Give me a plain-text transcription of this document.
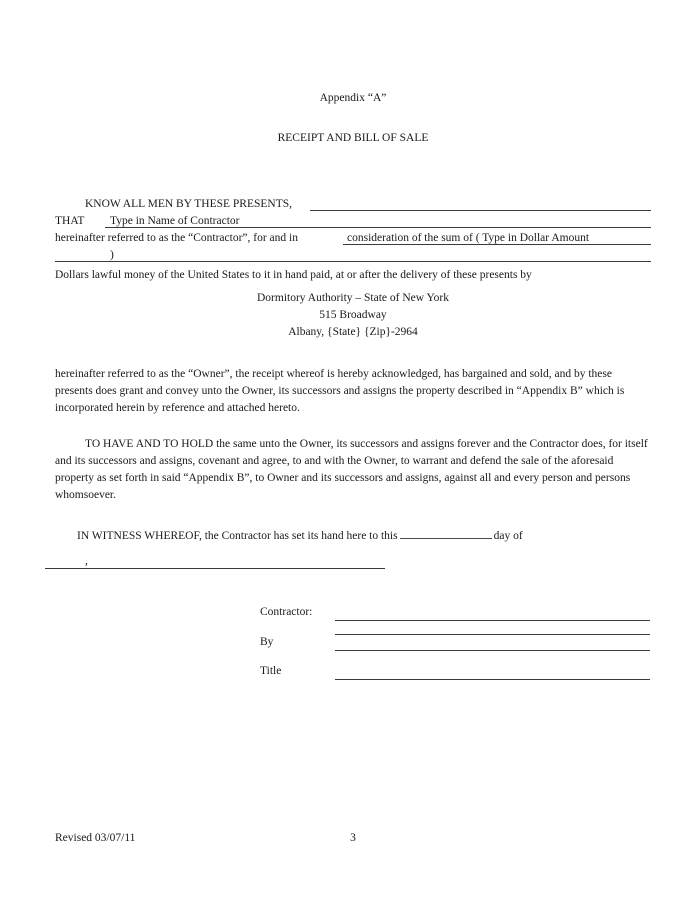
Appendix “A”
RECEIPT AND BILL OF SALE
KNOW ALL MEN BY THESE PRESENTS,
THAT Type in Name of Contractor
hereinafter referred to as the “Contractor”, for and in	consideration of the sum of ( Type in Dollar Amount
)
Dollars lawful money of the United States to it in hand paid, at or after the delivery of these presents by
Dormitory Authority – State of New York
515 Broadway
Albany, {State} {Zip}-2964
hereinafter referred to as the “Owner”, the receipt whereof is hereby acknowledged, has bargained and sold, and by these presents does grant and convey unto the Owner, its successors and assigns the property described in “Appendix B” which is incorporated herein by reference and attached hereto.
TO HAVE AND TO HOLD the same unto the Owner, its successors and assigns forever and the Contractor does, for itself and its successors and assigns, covenant and agree, to and with the Owner, to warrant and defend the sale of the aforesaid property as set forth in said “Appendix B”, to Owner and its successors and assigns, against all and every person and persons whomsoever.
IN WITNESS WHEREOF, the Contractor has set its hand here to this	day of
,
Contractor:
By
Title
Revised 03/07/11	3
